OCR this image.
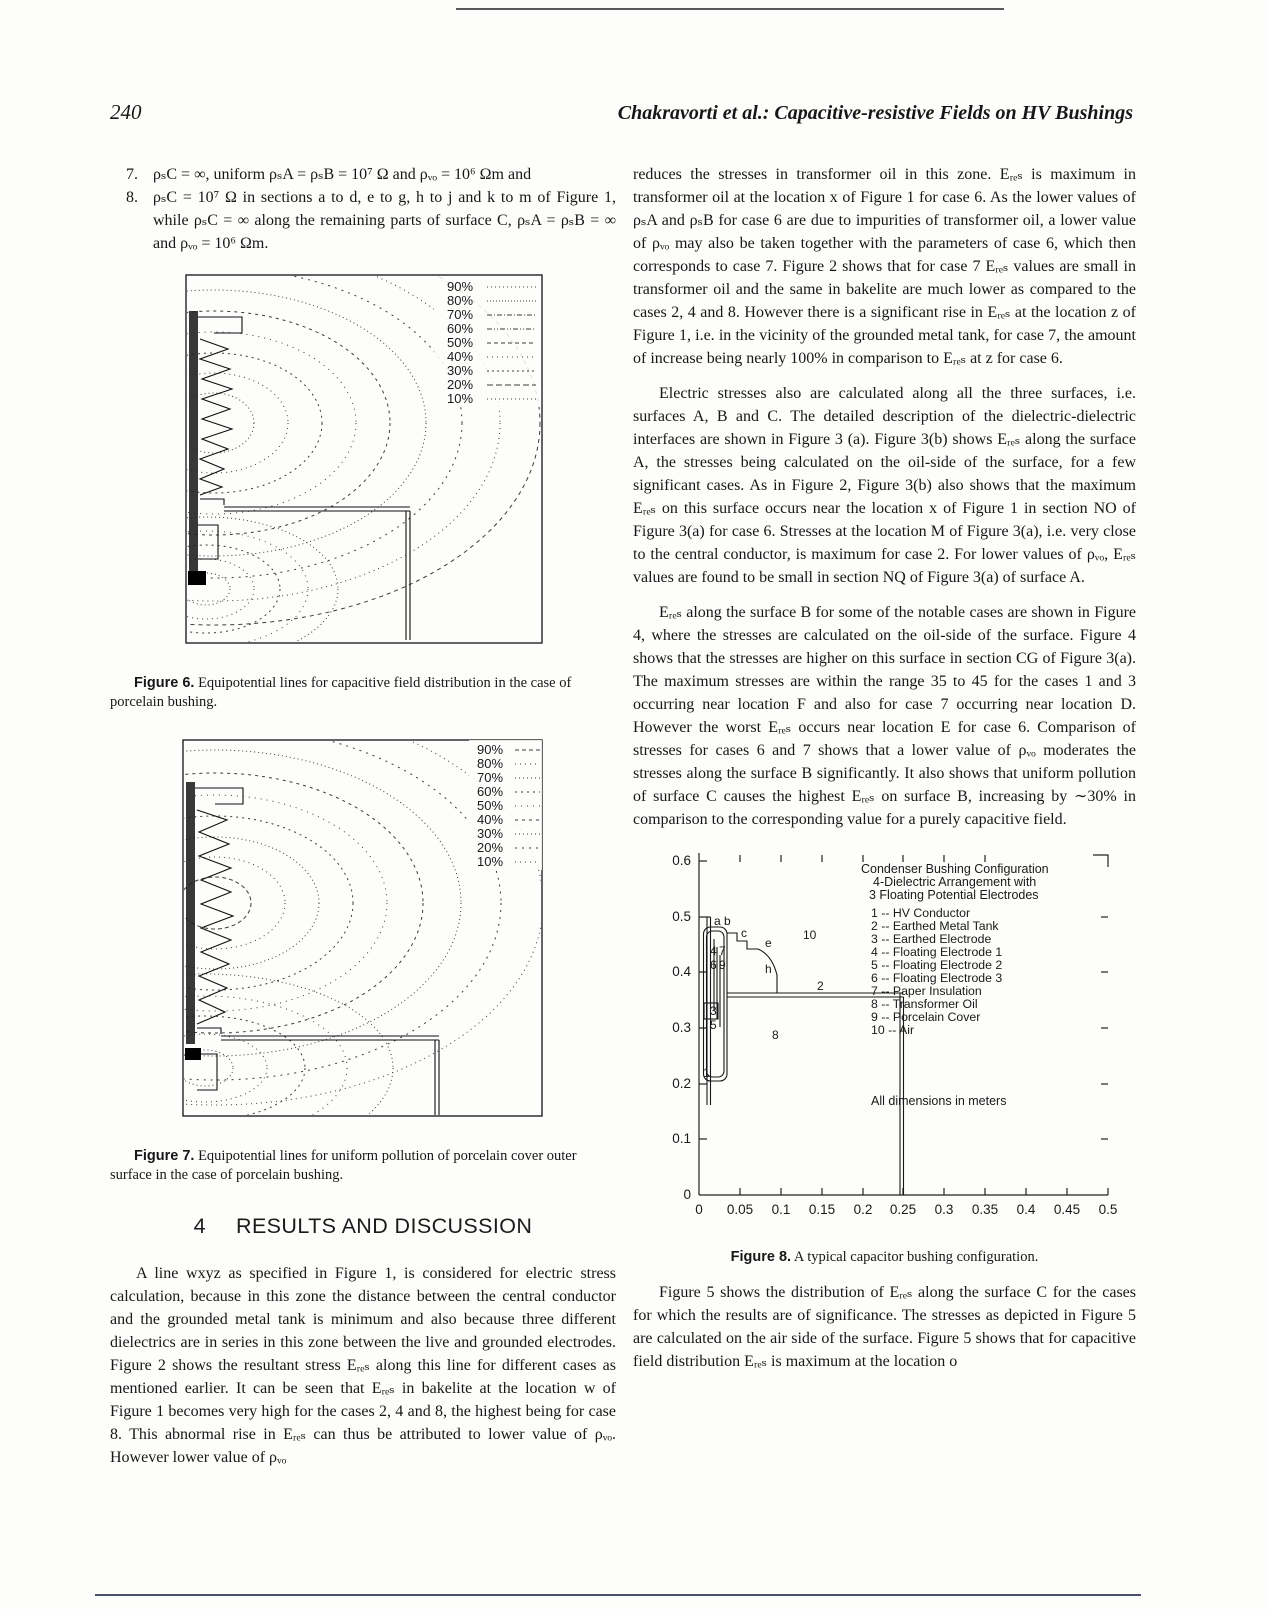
240	Chakravorti et al.: Capacitive-resistive Fields on HV Bushings
7. ρₛC = ∞, uniform ρₛA = ρₛB = 10⁷ Ω and ρᵥₒ = 10⁶ Ωm and
8. ρₛC = 10⁷ Ω in sections a to d, e to g, h to j and k to m of Figure 1, while ρₛC = ∞ along the remaining parts of surface C, ρₛA = ρₛB = ∞ and ρᵥₒ = 10⁶ Ωm.
90%
80%
70%
60%
50%
40%
30%
20%
10%

Figure 6. Equipotential lines for capacitive field distribution in the case of porcelain bushing.

90%
80%
70%
60%
50%
40%
30%
20%
10%

Figure 7. Equipotential lines for uniform pollution of porcelain cover outer surface in the case of porcelain bushing.

4 RESULTS AND DISCUSSION

A line wxyz as specified in Figure 1, is considered for electric stress calculation, because in this zone the distance between the central conductor and the grounded metal tank is minimum and also because three different dielectrics are in series in this zone between the live and grounded electrodes. Figure 2 shows the resultant stress Eᵣₑₛ along this line for different cases as mentioned earlier. It can be seen that Eᵣₑₛ in bakelite at the location w of Figure 1 becomes very high for the cases 2, 4 and 8, the highest being for case 8. This abnormal rise in Eᵣₑₛ can thus be attributed to lower value of ρᵥₒ. However lower value of ρᵥₒ

reduces the stresses in transformer oil in this zone. Eᵣₑₛ is maximum in transformer oil at the location x of Figure 1 for case 6. As the lower values of ρₛA and ρₛB for case 6 are due to impurities of transformer oil, a lower value of ρᵥₒ may also be taken together with the parameters of case 6, which then corresponds to case 7. Figure 2 shows that for case 7 Eᵣₑₛ values are small in transformer oil and the same in bakelite are much lower as compared to the cases 2, 4 and 8. However there is a significant rise in Eᵣₑₛ at the location z of Figure 1, i.e. in the vicinity of the grounded metal tank, for case 7, the amount of increase being nearly 100% in comparison to Eᵣₑₛ at z for case 6.

Electric stresses also are calculated along all the three surfaces, i.e. surfaces A, B and C. The detailed description of the dielectric-dielectric interfaces are shown in Figure 3 (a). Figure 3(b) shows Eᵣₑₛ along the surface A, the stresses being calculated on the oil-side of the surface, for a few significant cases. As in Figure 2, Figure 3(b) also shows that the maximum Eᵣₑₛ on this surface occurs near the location x of Figure 1 in section NO of Figure 3(a) for case 6. Stresses at the location M of Figure 3(a), i.e. very close to the central conductor, is maximum for case 2. For lower values of ρᵥₒ, Eᵣₑₛ values are found to be small in section NQ of Figure 3(a) of surface A.

Eᵣₑₛ along the surface B for some of the notable cases are shown in Figure 4, where the stresses are calculated on the oil-side of the surface. Figure 4 shows that the stresses are higher on this surface in section CG of Figure 3(a). The maximum stresses are within the range 35 to 45 for the cases 1 and 3 occurring near location F and also for case 7 occurring near location D. However the worst Eᵣₑₛ occurs near location E for case 6. Comparison of stresses for cases 6 and 7 shows that a lower value of ρᵥₒ moderates the stresses along the surface B significantly. It also shows that uniform pollution of surface C causes the highest Eᵣₑₛ on surface B, increasing by ∼30% in comparison to the corresponding value for a purely capacitive field.

0.6
0.5
0.4
0.3
0.2
0.1
0
0 0.05 0.1 0.15 0.2 0.25 0.3 0.35 0.4 0.45 0.5
a b
c
e
10
4 7
6 9	h
2
3
5
8
1
Condenser Bushing Configuration
4-Dielectric Arrangement with
3 Floating Potential Electrodes
1 -- HV Conductor
2 -- Earthed Metal Tank
3 -- Earthed Electrode
4 -- Floating Electrode 1
5 -- Floating Electrode 2
6 -- Floating Electrode 3
7 -- Paper Insulation
8 -- Transformer Oil
9 -- Porcelain Cover
10 -- Air
All dimensions in meters

Figure 8. A typical capacitor bushing configuration.

Figure 5 shows the distribution of Eᵣₑₛ along the surface C for the cases for which the results are of significance. The stresses as depicted in Figure 5 are calculated on the air side of the surface. Figure 5 shows that for capacitive field distribution Eᵣₑₛ is maximum at the location o
